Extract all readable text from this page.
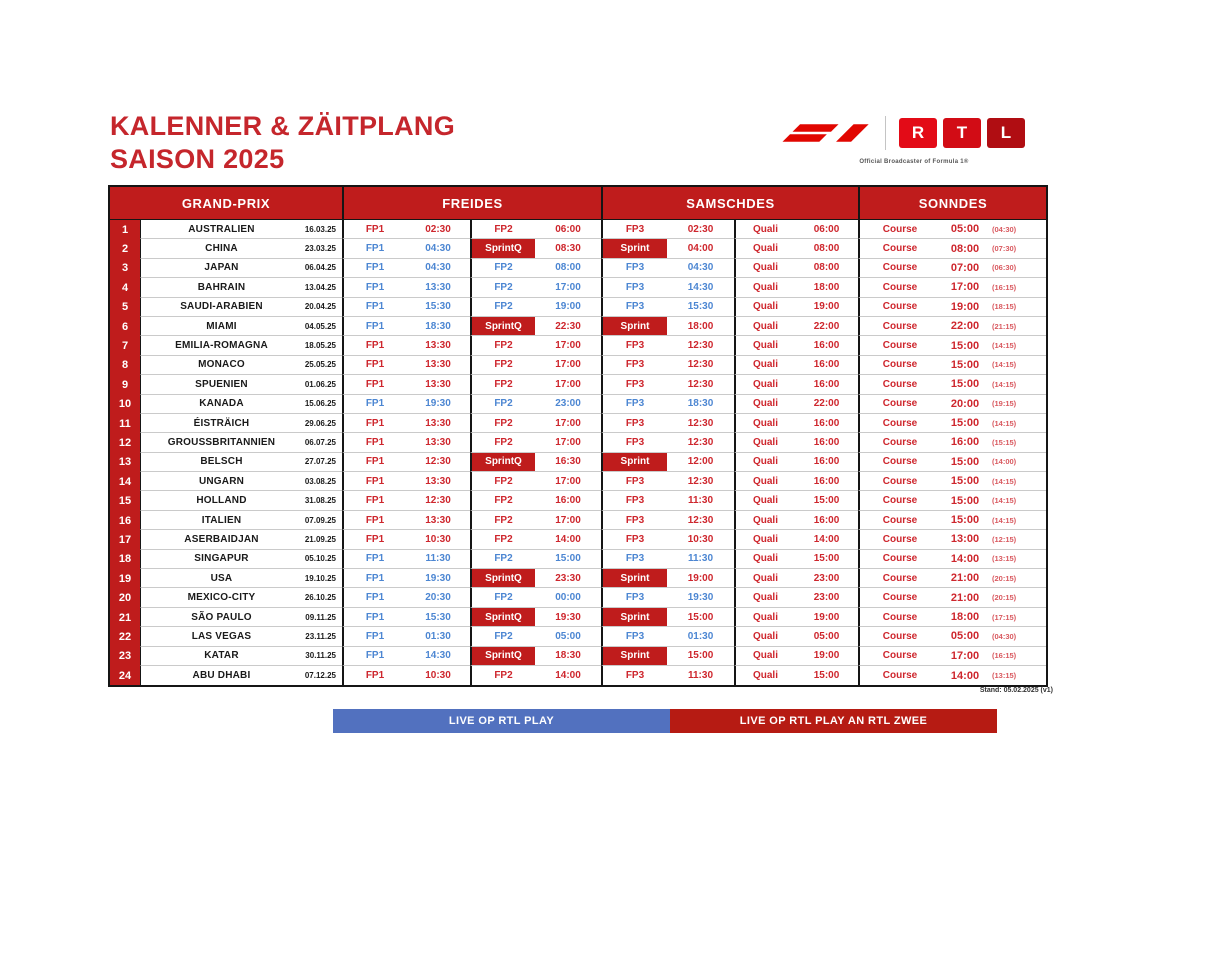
KALENNER & ZÄITPLANG
SAISON 2025
R	T	L
Official Broadcaster of Formula 1®
GRAND-PRIX	FREIDES	SAMSCHDES	SONNDES
1	AUSTRALIEN	16.03.25	FP1	02:30	FP2	06:00	FP3	02:30	Quali	06:00	Course	05:00	(04:30)
2	CHINA	23.03.25	FP1	04:30	SprintQ	08:30	Sprint	04:00	Quali	08:00	Course	08:00	(07:30)
3	JAPAN	06.04.25	FP1	04:30	FP2	08:00	FP3	04:30	Quali	08:00	Course	07:00	(06:30)
4	BAHRAIN	13.04.25	FP1	13:30	FP2	17:00	FP3	14:30	Quali	18:00	Course	17:00	(16:15)
5	SAUDI-ARABIEN	20.04.25	FP1	15:30	FP2	19:00	FP3	15:30	Quali	19:00	Course	19:00	(18:15)
6	MIAMI	04.05.25	FP1	18:30	SprintQ	22:30	Sprint	18:00	Quali	22:00	Course	22:00	(21:15)
7	EMILIA-ROMAGNA	18.05.25	FP1	13:30	FP2	17:00	FP3	12:30	Quali	16:00	Course	15:00	(14:15)
8	MONACO	25.05.25	FP1	13:30	FP2	17:00	FP3	12:30	Quali	16:00	Course	15:00	(14:15)
9	SPUENIEN	01.06.25	FP1	13:30	FP2	17:00	FP3	12:30	Quali	16:00	Course	15:00	(14:15)
10	KANADA	15.06.25	FP1	19:30	FP2	23:00	FP3	18:30	Quali	22:00	Course	20:00	(19:15)
11	ÉISTRÄICH	29.06.25	FP1	13:30	FP2	17:00	FP3	12:30	Quali	16:00	Course	15:00	(14:15)
12	GROUSSBRITANNIEN	06.07.25	FP1	13:30	FP2	17:00	FP3	12:30	Quali	16:00	Course	16:00	(15:15)
13	BELSCH	27.07.25	FP1	12:30	SprintQ	16:30	Sprint	12:00	Quali	16:00	Course	15:00	(14:00)
14	UNGARN	03.08.25	FP1	13:30	FP2	17:00	FP3	12:30	Quali	16:00	Course	15:00	(14:15)
15	HOLLAND	31.08.25	FP1	12:30	FP2	16:00	FP3	11:30	Quali	15:00	Course	15:00	(14:15)
16	ITALIEN	07.09.25	FP1	13:30	FP2	17:00	FP3	12:30	Quali	16:00	Course	15:00	(14:15)
17	ASERBAIDJAN	21.09.25	FP1	10:30	FP2	14:00	FP3	10:30	Quali	14:00	Course	13:00	(12:15)
18	SINGAPUR	05.10.25	FP1	11:30	FP2	15:00	FP3	11:30	Quali	15:00	Course	14:00	(13:15)
19	USA	19.10.25	FP1	19:30	SprintQ	23:30	Sprint	19:00	Quali	23:00	Course	21:00	(20:15)
20	MEXICO-CITY	26.10.25	FP1	20:30	FP2	00:00	FP3	19:30	Quali	23:00	Course	21:00	(20:15)
21	SÃO PAULO	09.11.25	FP1	15:30	SprintQ	19:30	Sprint	15:00	Quali	19:00	Course	18:00	(17:15)
22	LAS VEGAS	23.11.25	FP1	01:30	FP2	05:00	FP3	01:30	Quali	05:00	Course	05:00	(04:30)
23	KATAR	30.11.25	FP1	14:30	SprintQ	18:30	Sprint	15:00	Quali	19:00	Course	17:00	(16:15)
24	ABU DHABI	07.12.25	FP1	10:30	FP2	14:00	FP3	11:30	Quali	15:00	Course	14:00	(13:15)
Stand: 05.02.2025 (v1)
LIVE OP RTL PLAY	LIVE OP RTL PLAY AN RTL ZWEE
